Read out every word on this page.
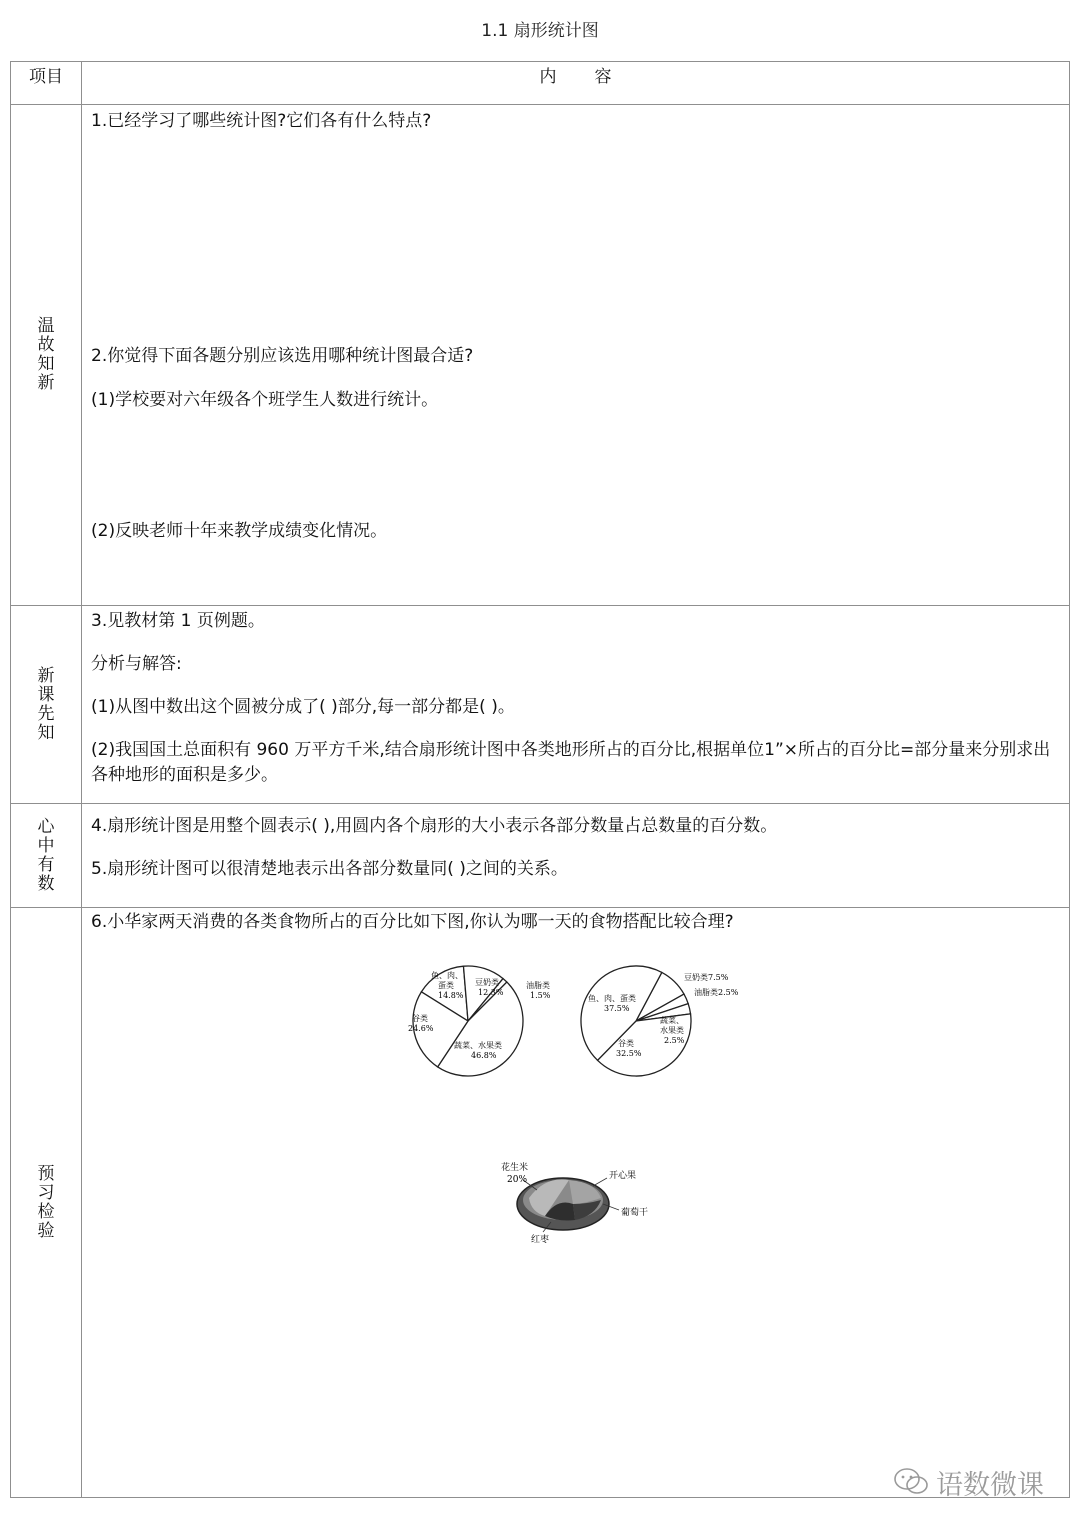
1.1 扇形统计图
项目	内容
温故知新	1.已经学习了哪些统计图?它们各有什么特点?
2.你觉得下面各题分别应该选用哪种统计图最合适?
(1)学校要对六年级各个班学生人数进行统计。
(2)反映老师十年来教学成绩变化情况。

新课先知	3.见教材第 1 页例题。
分析与解答:
(1)从图中数出这个圆被分成了( )部分,每一部分都是( )。
(2)我国国土总面积有 960 万平方千米,结合扇形统计图中各类地形所占的百分比,根据单位1”×所占的百分比=部分量来分别求出各种地形的面积是多少。

心中有数	4.扇形统计图是用整个圆表示( ),用圆内各个扇形的大小表示各部分数量占总数量的百分数。
5.扇形统计图可以很清楚地表示出各部分数量同( )之间的关系。

预习检验	6.小华家两天消费的各类食物所占的百分比如下图,你认为哪一天的食物搭配比较合理?
鱼、肉、
蛋类
14.8%
豆奶类
12.3%
油脂类
1.5%
谷类
24.6%
蔬菜、水果类
46.8%
豆奶类7.5%
油脂类2.5%
鱼、肉、蛋类
37.5%
蔬菜、
水果类
2.5%
谷类
32.5%
花生米
20%	开心果
葡萄干
红枣
语数微课
